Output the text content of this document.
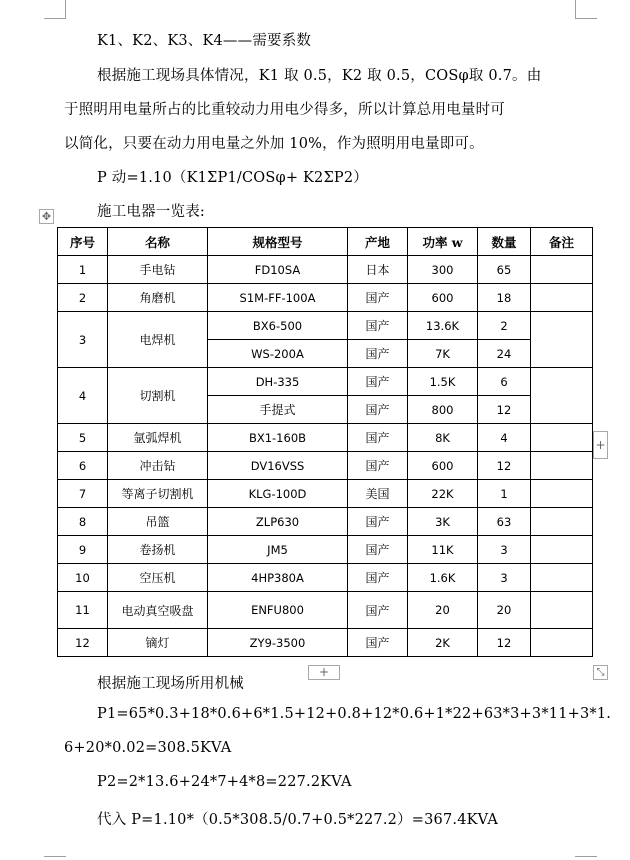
K1、K2、K3、K4——需要系数
根据施工现场具体情况，K1 取 0.5，K2 取 0.5，COSφ取 0.7。由
于照明用电量所占的比重较动力用电少得多，所以计算总用电量时可
以简化，只要在动力用电量之外加 10%，作为照明用电量即可。
P 动=1.10（K1ΣP1/COSφ+ K2ΣP2）
✥	施工电器一览表:
序号	名称	规格型号	产地	功率 w	数量	备注
1	手电钻	FD10SA	日本	300	65	
2	角磨机	S1M-FF-100A	国产	600	18	
3	电焊机	BX6-500	国产	13.6K	2	
		WS-200A	国产	7K	24	
4	切割机	DH-335	国产	1.5K	6	
		手提式	国产	800	12	
5	氩弧焊机	BX1-160B	国产	8K	4	
6	冲击钻	DV16VSS	国产	600	12	
7	等离子切割机	KLG-100D	美国	22K	1	
8	吊篮	ZLP630	国产	3K	63	
9	卷扬机	JM5	国产	11K	3	
10	空压机	4HP380A	国产	1.6K	3	
11	电动真空吸盘	ENFU800	国产	20	20	
12	镝灯	ZY9-3500	国产	2K	12	
+
+	⤡
根据施工现场所用机械
P1=65*0.3+18*0.6+6*1.5+12+0.8+12*0.6+1*22+63*3+3*11+3*1.
6+20*0.02=308.5KVA
P2=2*13.6+24*7+4*8=227.2KVA
代入 P=1.10*（0.5*308.5/0.7+0.5*227.2）=367.4KVA
